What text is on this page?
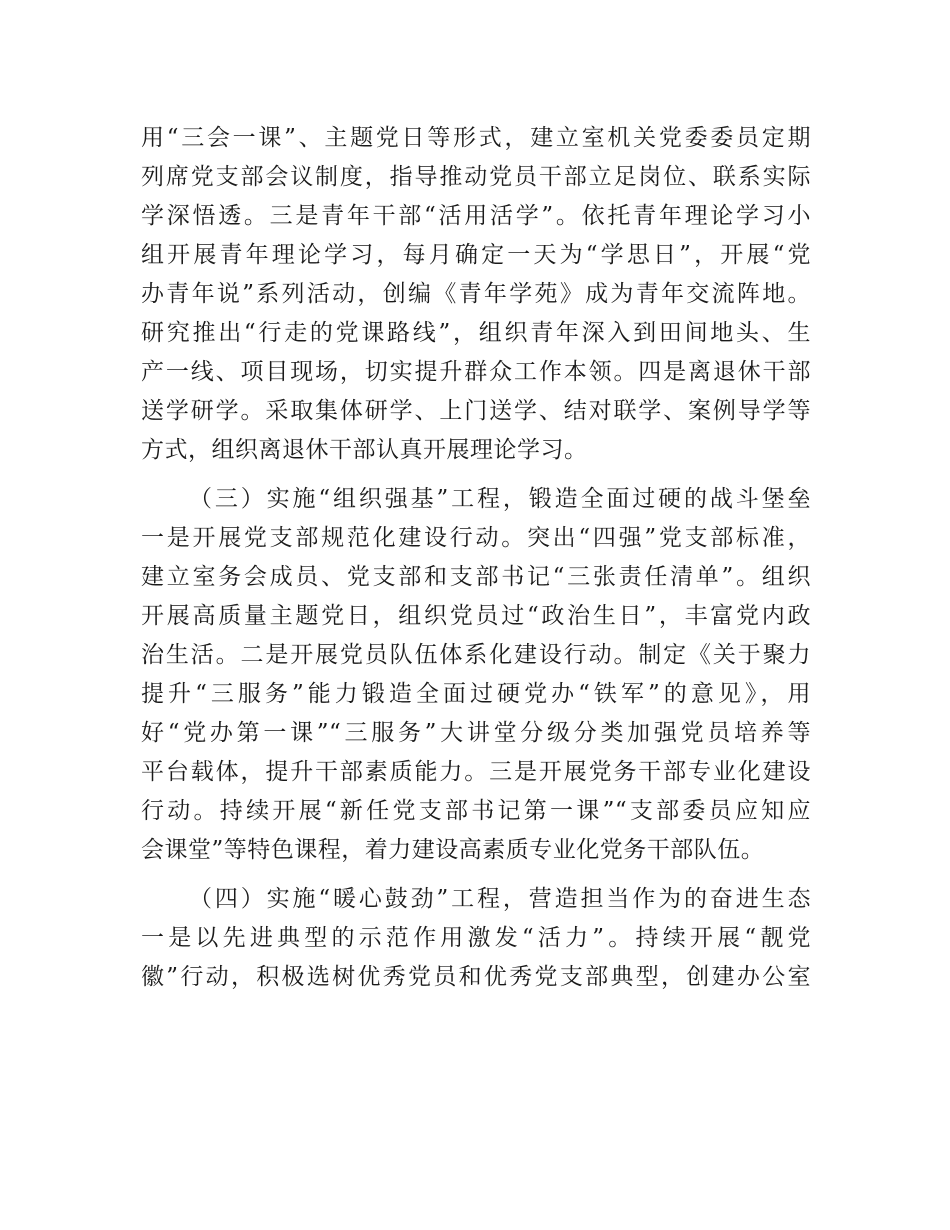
用“三会一课”、主题党日等形式，建立室机关党委委员定期
列席党支部会议制度，指导推动党员干部立足岗位、联系实际
学深悟透。三是青年干部“活用活学”。依托青年理论学习小
组开展青年理论学习，每月确定一天为“学思日”，开展“党
办青年说”系列活动，创编《青年学苑》成为青年交流阵地。
研究推出“行走的党课路线”，组织青年深入到田间地头、生
产一线、项目现场，切实提升群众工作本领。四是离退休干部
送学研学。采取集体研学、上门送学、结对联学、案例导学等
方式，组织离退休干部认真开展理论学习。
（三）实施“组织强基”工程，锻造全面过硬的战斗堡垒
一是开展党支部规范化建设行动。突出“四强”党支部标准，
建立室务会成员、党支部和支部书记“三张责任清单”。组织
开展高质量主题党日，组织党员过“政治生日”，丰富党内政
治生活。二是开展党员队伍体系化建设行动。制定《关于聚力
提升“三服务”能力锻造全面过硬党办“铁军”的意见》，用
好“党办第一课”“三服务”大讲堂分级分类加强党员培养等
平台载体，提升干部素质能力。三是开展党务干部专业化建设
行动。持续开展“新任党支部书记第一课”“支部委员应知应
会课堂”等特色课程，着力建设高素质专业化党务干部队伍。
（四）实施“暖心鼓劲”工程，营造担当作为的奋进生态
一是以先进典型的示范作用激发“活力”。持续开展“靓党
徽”行动，积极选树优秀党员和优秀党支部典型，创建办公室
